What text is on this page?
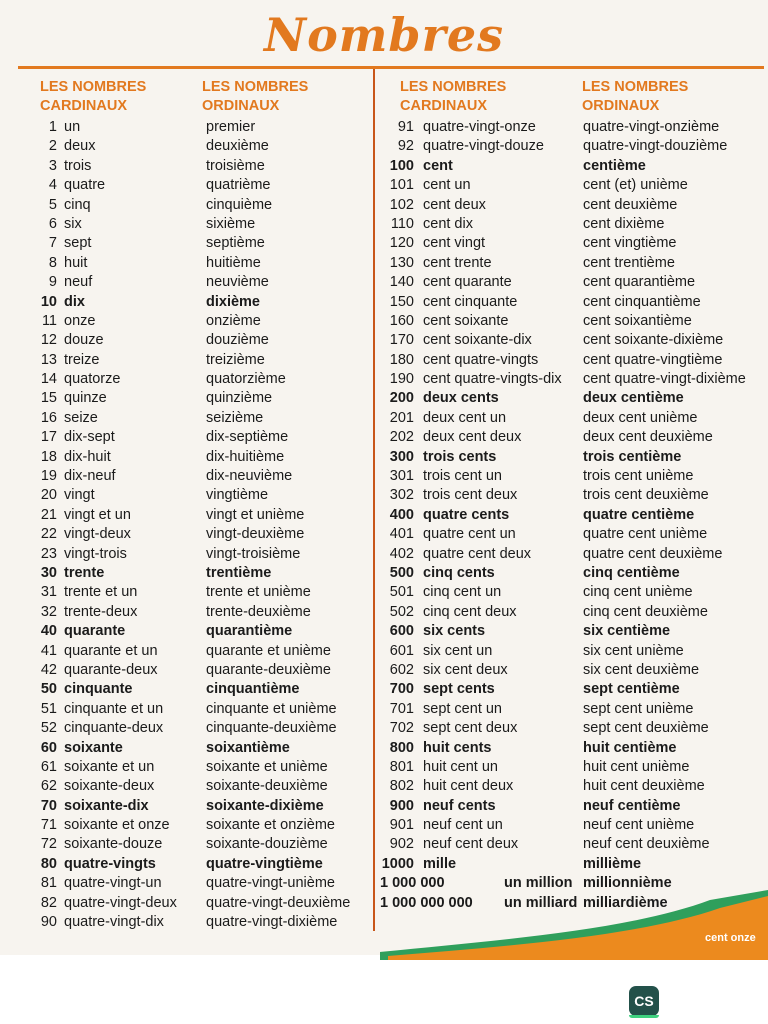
Nombres
LES NOMBRES CARDINAUX
LES NOMBRES ORDINAUX
1 un	premier
2 deux	deuxième
3 trois	troisième
4 quatre	quatrième
5 cinq	cinquième
6 six	sixième
7 sept	septième
8 huit	huitième
9 neuf	neuvième
10 dix	dixième
11 onze	onzième
12 douze	douzième
13 treize	treizième
14 quatorze	quatorzième
15 quinze	quinzième
16 seize	seizième
17 dix-sept	dix-septième
18 dix-huit	dix-huitième
19 dix-neuf	dix-neuvième
20 vingt	vingtième
21 vingt et un	vingt et unième
22 vingt-deux	vingt-deuxième
23 vingt-trois	vingt-troisième
30 trente	trentième
31 trente et un	trente et unième
32 trente-deux	trente-deuxième
40 quarante	quarantième
41 quarante et un	quarante et unième
42 quarante-deux	quarante-deuxième
50 cinquante	cinquantième
51 cinquante et un	cinquante et unième
52 cinquante-deux	cinquante-deuxième
60 soixante	soixantième
61 soixante et un	soixante et unième
62 soixante-deux	soixante-deuxième
70 soixante-dix	soixante-dixième
71 soixante et onze	soixante et onzième
72 soixante-douze	soixante-douzième
80 quatre-vingts	quatre-vingtième
81 quatre-vingt-un	quatre-vingt-unième
82 quatre-vingt-deux quatre-vingt-deuxième
90 quatre-vingt-dix	quatre-vingt-dixième
LES NOMBRES CARDINAUX
LES NOMBRES ORDINAUX
91 quatre-vingt-onze	quatre-vingt-onzième
92 quatre-vingt-douze	quatre-vingt-douzième
100 cent	centième
101 cent un	cent (et) unième
102 cent deux	cent deuxième
110 cent dix	cent dixième
120 cent vingt	cent vingtième
130 cent trente	cent trentième
140 cent quarante	cent quarantième
150 cent cinquante	cent cinquantième
160 cent soixante	cent soixantième
170 cent soixante-dix	cent soixante-dixième
180 cent quatre-vingts	cent quatre-vingtième
190 cent quatre-vingts-dix cent quatre-vingt-dixième
200 deux cents	deux centième
201 deux cent un	deux cent unième
202 deux cent deux	deux cent deuxième
300 trois cents	trois centième
301 trois cent un	trois cent unième
302 trois cent deux	trois cent deuxième
400 quatre cents	quatre centième
401 quatre cent un	quatre cent unième
402 quatre cent deux	quatre cent deuxième
500 cinq cents	cinq centième
501 cinq cent un	cinq cent unième
502 cinq cent deux	cinq cent deuxième
600 six cents	six centième
601 six cent un	six cent unième
602 six cent deux	six cent deuxième
700 sept cents	sept centième
701 sept cent un	sept cent unième
702 sept cent deux	sept cent deuxième
800 huit cents	huit centième
801 huit cent un	huit cent unième
802 huit cent deux	huit cent deuxième
900 neuf cents	neuf centième
901 neuf cent un	neuf cent unième
902 neuf cent deux	neuf cent deuxième
1000 mille	millième
1 000 000	un million millionnième
1 000 000 000 un milliard milliardième
cent onze
CS
